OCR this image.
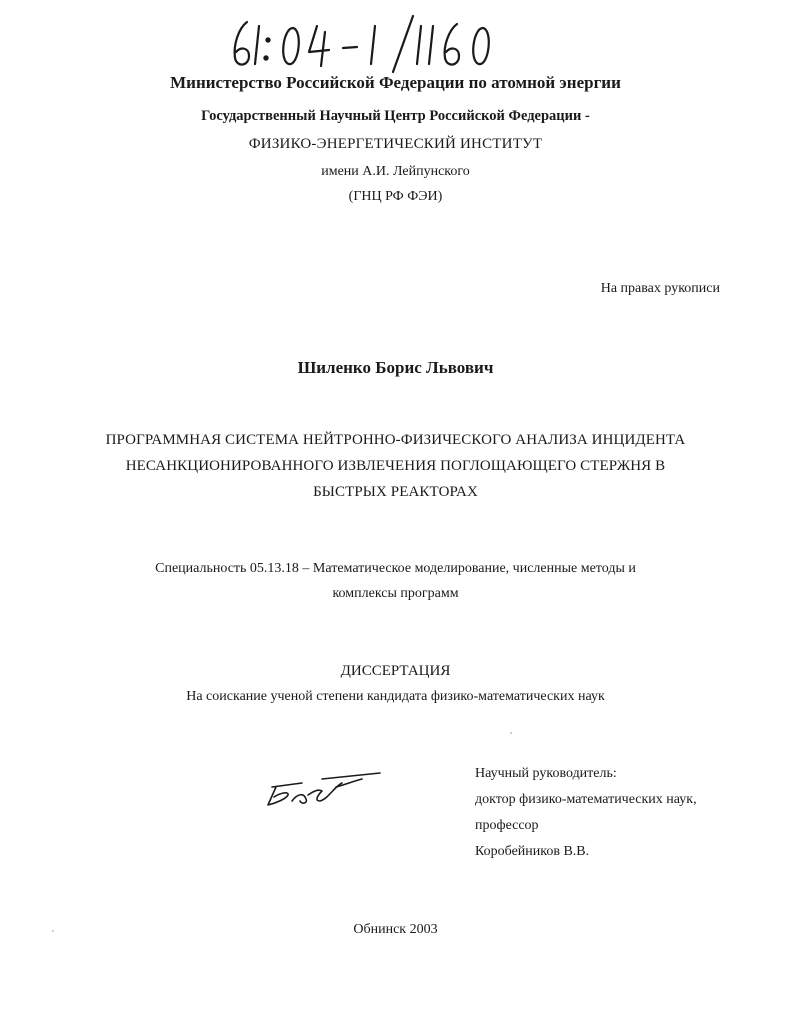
Министерство Российской Федерации по атомной энергии
Государственный Научный Центр Российской Федерации -
ФИЗИКО-ЭНЕРГЕТИЧЕСКИЙ ИНСТИТУТ
имени А.И. Лейпунского
(ГНЦ РФ ФЭИ)
На правах рукописи
Шиленко Борис Львович
ПРОГРАММНАЯ СИСТЕМА НЕЙТРОННО-ФИЗИЧЕСКОГО АНАЛИЗА ИНЦИДЕНТА
НЕСАНКЦИОНИРОВАННОГО ИЗВЛЕЧЕНИЯ ПОГЛОЩАЮЩЕГО СТЕРЖНЯ В
БЫСТРЫХ РЕАКТОРАХ
Специальность 05.13.18 – Математическое моделирование, численные методы и
комплексы программ
ДИССЕРТАЦИЯ
На соискание ученой степени кандидата физико-математических наук
Научный руководитель:
доктор физико-математических наук,
профессор
Коробейников В.В.
Обнинск 2003
